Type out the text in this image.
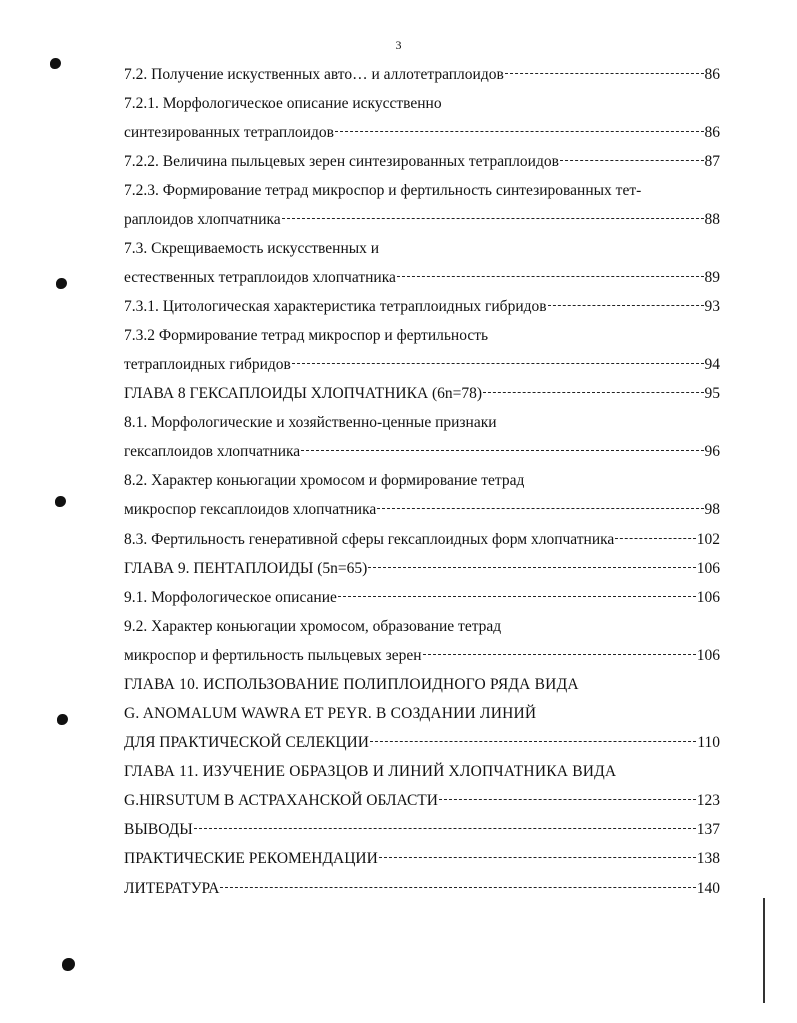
3
7.2. Получение искуственных авто… и аллотетраплоидов	86
7.2.1. Морфологическое описание искусственно
синтезированных тетраплоидов	86
7.2.2. Величина пыльцевых зерен синтезированных тетраплоидов	87
7.2.3. Формирование тетрад микроспор и фертильность синтезированных тет-
раплоидов хлопчатника	88
7.3. Скрещиваемость искусственных и
естественных тетраплоидов хлопчатника	89
7.3.1. Цитологическая характеристика тетраплоидных гибридов	93
7.3.2 Формирование тетрад микроспор и фертильность
тетраплоидных гибридов	94
ГЛАВА 8 ГЕКСАПЛОИДЫ ХЛОПЧАТНИКА (6n=78)	95
8.1. Морфологические и хозяйственно-ценные признаки
гексаплоидов хлопчатника	96
8.2. Характер коньюгации хромосом и формирование тетрад
микроспор гексаплоидов хлопчатника	98
8.3. Фертильность генеративной сферы гексаплоидных форм хлопчатника	102
ГЛАВА 9. ПЕНТАПЛОИДЫ (5n=65)	106
9.1. Морфологическое описание	106
9.2. Характер коньюгации хромосом, образование тетрад
микроспор и фертильность пыльцевых зерен	106
ГЛАВА 10. ИСПОЛЬЗОВАНИЕ ПОЛИПЛОИДНОГО РЯДА ВИДА
G. ANOMALUM WAWRA ET PEYR. В СОЗДАНИИ ЛИНИЙ
ДЛЯ ПРАКТИЧЕСКОЙ СЕЛЕКЦИИ	110
ГЛАВА 11. ИЗУЧЕНИЕ ОБРАЗЦОВ И ЛИНИЙ ХЛОПЧАТНИКА ВИДА
G.HIRSUTUM В АСТРАХАНСКОЙ ОБЛАСТИ	123
ВЫВОДЫ	137
ПРАКТИЧЕСКИЕ РЕКОМЕНДАЦИИ	138
ЛИТЕРАТУРА	140
